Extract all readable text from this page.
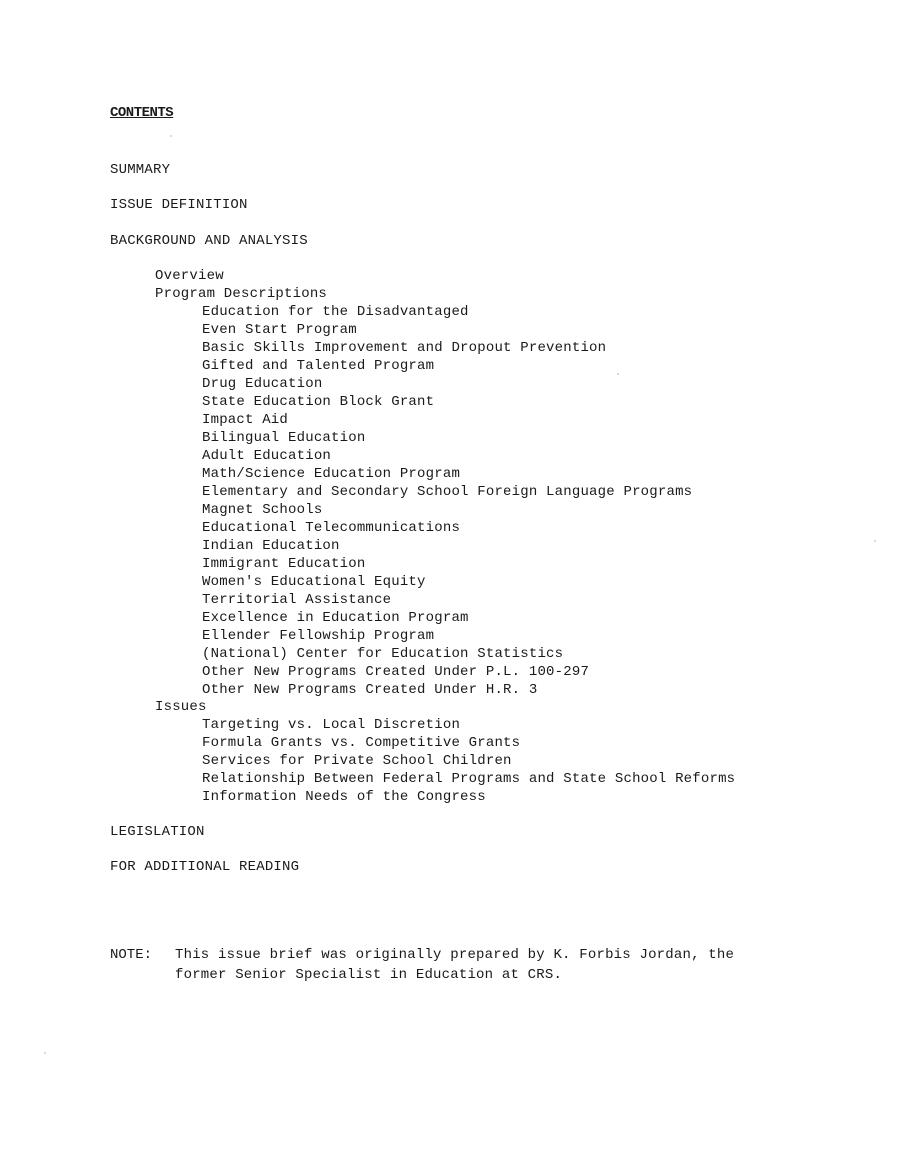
CONTENTS
SUMMARY
ISSUE DEFINITION
BACKGROUND AND ANALYSIS
Overview
Program Descriptions
Education for the Disadvantaged
Even Start Program
Basic Skills Improvement and Dropout Prevention
Gifted and Talented Program
Drug Education
State Education Block Grant
Impact Aid
Bilingual Education
Adult Education
Math/Science Education Program
Elementary and Secondary School Foreign Language Programs
Magnet Schools
Educational Telecommunications
Indian Education
Immigrant Education
Women's Educational Equity
Territorial Assistance
Excellence in Education Program
Ellender Fellowship Program
(National) Center for Education Statistics
Other New Programs Created Under P.L. 100-297
Other New Programs Created Under H.R. 3
Issues
Targeting vs. Local Discretion
Formula Grants vs. Competitive Grants
Services for Private School Children
Relationship Between Federal Programs and State School Reforms
Information Needs of the Congress
LEGISLATION
FOR ADDITIONAL READING
NOTE: This issue brief was originally prepared by K. Forbis Jordan, the
former Senior Specialist in Education at CRS.
